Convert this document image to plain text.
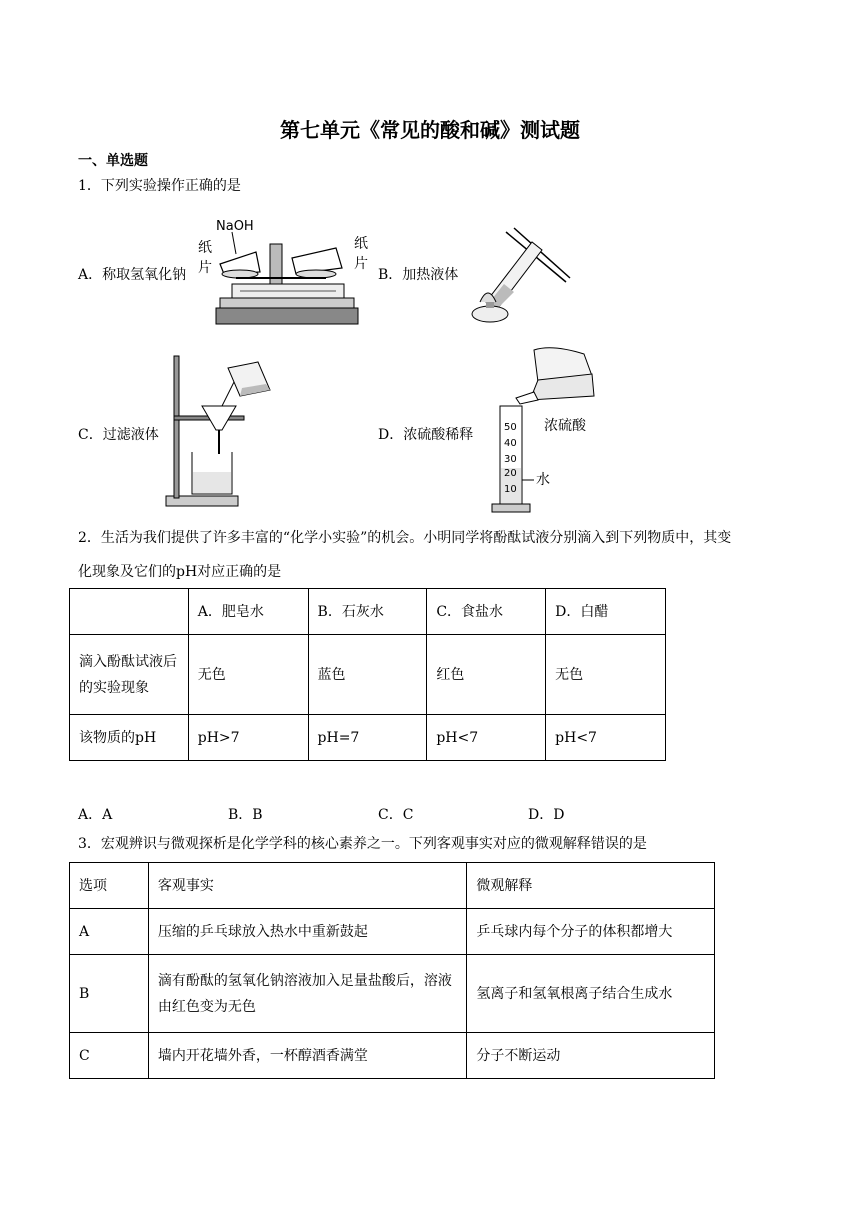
第七单元《常见的酸和碱》测试题
一、单选题
1．下列实验操作正确的是
A．称取氢氧化钠
NaOH
纸
片
纸
片
B．加热液体
C．过滤液体	D．浓硫酸稀释
浓硫酸
50
40
30
20
10
水
2．生活为我们提供了许多丰富的“化学小实验”的机会。小明同学将酚酞试液分别滴入到下列物质中，其变
化现象及它们的pH对应正确的是
	A．肥皂水	B．石灰水	C．食盐水	D．白醋
滴入酚酞试液后的实验现象	无色	蓝色	红色	无色
该物质的pH	pH>7	pH=7	pH<7	pH<7
A．A	B．B	C．C	D．D
3．宏观辨识与微观探析是化学学科的核心素养之一。下列客观事实对应的微观解释错误的是
选项	客观事实	微观解释
A	压缩的乒乓球放入热水中重新鼓起	乒乓球内每个分子的体积都增大
B	滴有酚酞的氢氧化钠溶液加入足量盐酸后，溶液由红色变为无色	氢离子和氢氧根离子结合生成水
C	墙内开花墙外香，一杯醇酒香满堂	分子不断运动
